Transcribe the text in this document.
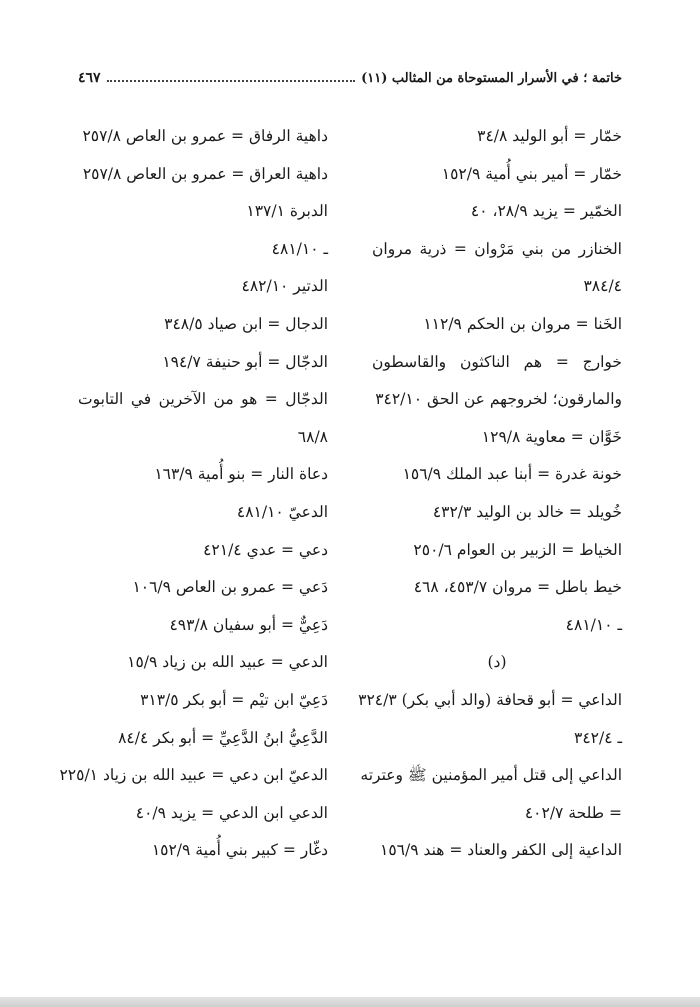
خاتمة ؛ في الأسرار المستوحاة من المثالب (١١)
٤٦٧
خمّار = أبو الوليد ٣٤/٨
خمّار = أمير بني أُمية ١٥٢/٩
الخمّير = يزيد ٢٨/٩، ٤٠
الخنازر من بني مَرْوان = ذرية مروان
٣٨٤/٤
الخَنا = مروان بن الحكم ١١٢/٩
خوارج = هم الناكثون والقاسطون
والمارقون؛ لخروجهم عن الحق ٣٤٢/١٠
خَوَّان = معاوية ١٢٩/٨
خونة غدرة = أبنا عبد الملك ١٥٦/٩
خُويلد = خالد بن الوليد ٤٣٢/٣
الخياط = الزبير بن العوام ٢٥٠/٦
خيط باطل = مروان ٤٥٣/٧، ٤٦٨
ـ ٤٨١/١٠
(د)
الداعي = أبو قحافة (والد أبي بكر) ٣٢٤/٣
ـ ٣٤٢/٤
الداعي إلى قتل أمير المؤمنين ﷺ وعترته
= طلحة ٤٠٢/٧
الداعية إلى الكفر والعناد = هند ١٥٦/٩
داهية الرفاق = عمرو بن العاص ٢٥٧/٨
داهية العراق = عمرو بن العاص ٢٥٧/٨
الدبرة ١٣٧/١
ـ ٤٨١/١٠
الدتير ٤٨٢/١٠
الدجال = ابن صياد ٣٤٨/٥
الدجّال = أبو حنيفة ١٩٤/٧
الدجّال = هو من الآخرين في التابوت
٦٨/٨
دعاة النار = بنو أُمية ١٦٣/٩
الدعيّ ٤٨١/١٠
دعي = عدي ٤٢١/٤
دَعي = عمرو بن العاص ١٠٦/٩
دَعِيٌّ = أبو سفيان ٤٩٣/٨
الدعي = عبيد الله بن زياد ١٥/٩
دَعِيّ ابن تيْم = أبو بكر ٣١٣/٥
الدَّعِيُّ ابنُ الدَّعِيِّ = أبو بكر ٨٤/٤
الدعيّ ابن دعي = عبيد الله بن زياد ٢٢٥/١
الدعي ابن الدعي = يزيد ٤٠/٩
دغّار = كبير بني أُمية ١٥٢/٩
